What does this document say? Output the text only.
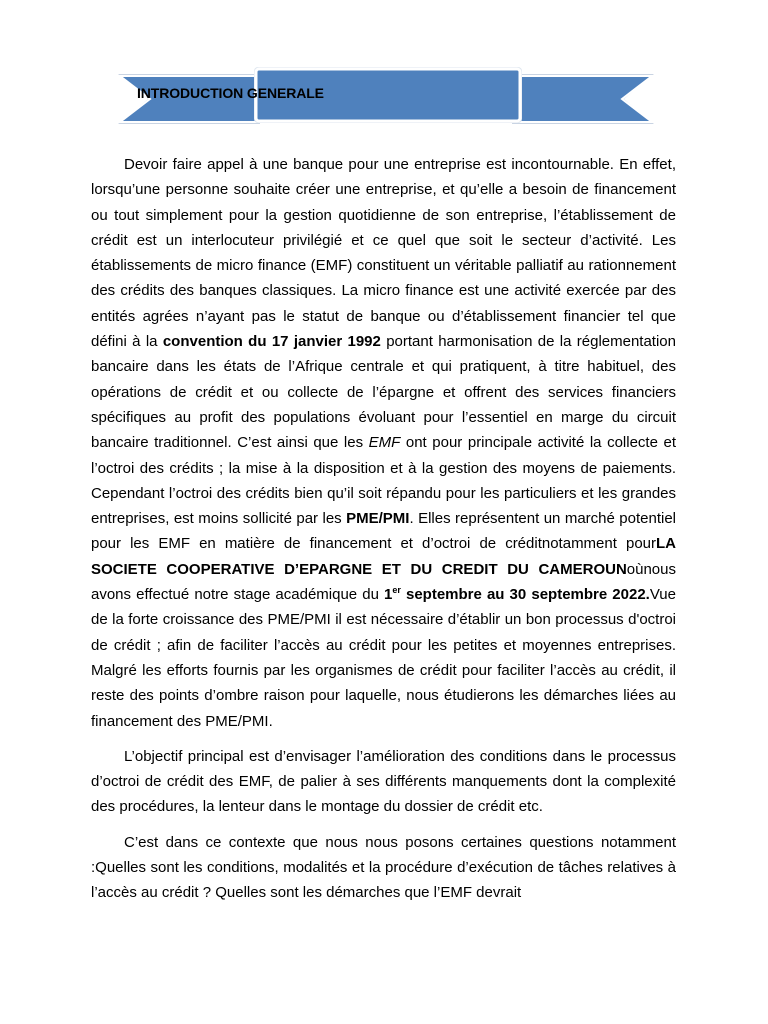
INTRODUCTION GENERALE

Devoir faire appel à une banque pour une entreprise est incontournable. En effet, lorsqu’une personne souhaite créer une entreprise, et qu’elle a besoin de financement ou tout simplement pour la gestion quotidienne de son entreprise, l’établissement de crédit est un interlocuteur privilégié et ce quel que soit le secteur d’activité. Les établissements de micro finance (EMF) constituent un véritable palliatif au rationnement des crédits des banques classiques. La micro finance est une activité exercée par des entités agrées n’ayant pas le statut de banque ou d’établissement financier tel que défini à la convention du 17 janvier 1992 portant harmonisation de la réglementation bancaire dans les états de l’Afrique centrale et qui pratiquent, à titre habituel, des opérations de crédit et ou collecte de l’épargne et offrent des services financiers spécifiques au profit des populations évoluant pour l’essentiel en marge du circuit bancaire traditionnel. C’est ainsi que les EMF ont pour principale activité la collecte et l’octroi des crédits ; la mise à la disposition et à la gestion des moyens de paiements. Cependant l’octroi des crédits bien qu’il soit répandu pour les particuliers et les grandes entreprises, est moins sollicité par les PME/PMI. Elles représentent un marché potentiel pour les EMF en matière de financement et d’octroi de créditnotamment pourLA SOCIETE COOPERATIVE D’EPARGNE ET DU CREDIT DU CAMEROUNoùnous avons effectué notre stage académique du 1er septembre au 30 septembre 2022.Vue de la forte croissance des PME/PMI il est nécessaire d’établir un bon processus d'octroi de crédit ; afin de faciliter l’accès au crédit pour les petites et moyennes entreprises. Malgré les efforts fournis par les organismes de crédit pour faciliter l’accès au crédit, il reste des points d’ombre raison pour laquelle, nous étudierons les démarches liées au financement des PME/PMI.

L’objectif principal est d’envisager l’amélioration des conditions dans le processus d’octroi de crédit des EMF, de palier à ses différents manquements dont la complexité des procédures, la lenteur dans le montage du dossier de crédit etc.

C’est dans ce contexte que nous nous posons certaines questions notamment :Quelles sont les conditions, modalités et la procédure d’exécution de tâches relatives à l’accès au crédit ? Quelles sont les démarches que l’EMF devrait
